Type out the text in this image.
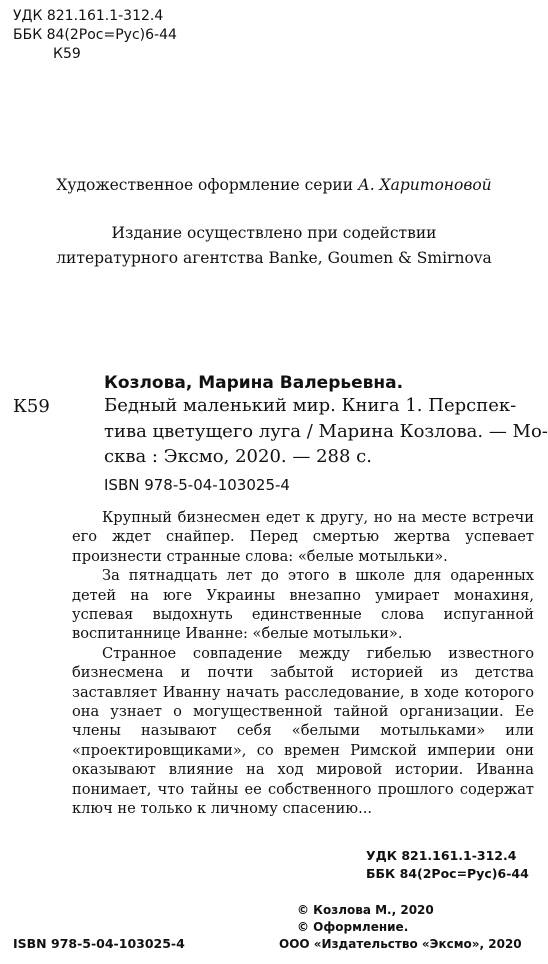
УДК 821.161.1-312.4
ББК 84(2Рос=Рус)6-44
К59
Художественное оформление серии А. Харитоновой
Издание осуществлено при содействии
литературного агентства Banke, Goumen & Smirnova
Козлова, Марина Валерьевна.
К59	Бедный маленький мир. Книга 1. Перспек-
тива цветущего луга / Марина Козлова. — Мо-
сква : Эксмо, 2020. — 288 с.
ISBN 978-5-04-103025-4

Крупный бизнесмен едет к другу, но на месте встречи его ждет снайпер. Перед смертью жертва успевает произнести странные слова: «белые мотыльки».

За пятнадцать лет до этого в школе для одаренных детей на юге Украины внезапно умирает монахиня, успевая выдохнуть единственные слова испуганной воспитаннице Иванне: «белые мотыльки».

Странное совпадение между гибелью известного бизнесмена и почти забытой историей из детства заставляет Иванну начать расследование, в ходе которого она узнает о могущественной тайной организации. Ее члены называют себя «белыми мотыльками» или «проектировщиками», со времен Римской империи они оказывают влияние на ход мировой истории. Иванна понимает, что тайны ее собственного прошлого содержат ключ не только к личному спасению...

УДК 821.161.1-312.4
ББК 84(2Рос=Рус)6-44
© Козлова М., 2020
© Оформление.
ООО «Издательство «Эксмо», 2020
ISBN 978-5-04-103025-4
